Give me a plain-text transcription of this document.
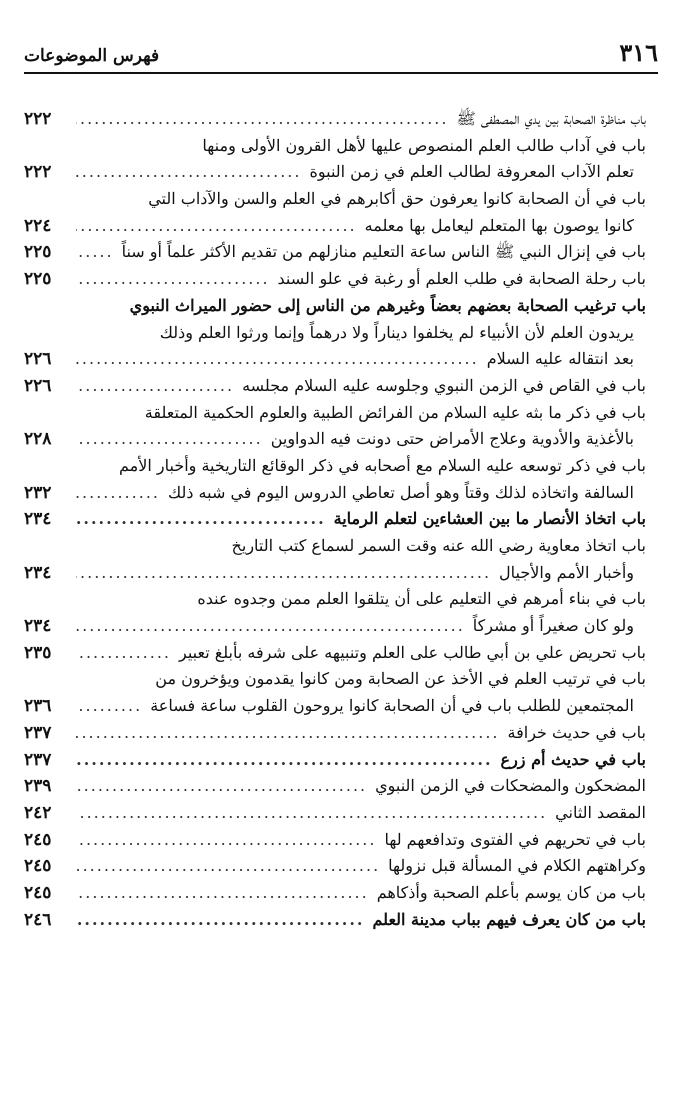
٣١٦
فهرس الموضوعات
باب مناظرة الصحابة بين يدي المصطفى ﷺ
.....
٢٢٢
باب في آداب طالب العلم المنصوص عليها لأهل القرون الأولى ومنها
تعلم الآداب المعروفة لطالب العلم في زمن النبوة
.....
٢٢٢
باب في أن الصحابة كانوا يعرفون حق أكابرهم في العلم والسن والآداب التي
كانوا يوصون بها المتعلم ليعامل بها معلمه
.....
٢٢٤
باب في إنزال النبي ﷺ الناس ساعة التعليم منازلهم من تقديم الأكثر علماً أو سناً
.....
٢٢٥
باب رحلة الصحابة في طلب العلم أو رغبة في علو السند
.....
٢٢٥
باب ترغيب الصحابة بعضهم بعضاً وغيرهم من الناس إلى حضور الميراث النبوي
يريدون العلم لأن الأنبياء لم يخلفوا ديناراً ولا درهماً وإنما ورثوا العلم وذلك
بعد انتقاله عليه السلام
.....
٢٢٦
باب في القاص في الزمن النبوي وجلوسه عليه السلام مجلسه
.....
٢٢٦
باب في ذكر ما بثه عليه السلام من الفرائض الطبية والعلوم الحكمية المتعلقة
بالأغذية والأدوية وعلاج الأمراض حتى دونت فيه الدواوين
.....
٢٢٨
باب في ذكر توسعه عليه السلام مع أصحابه في ذكر الوقائع التاريخية وأخبار الأمم
السالفة واتخاذه لذلك وقتاً وهو أصل تعاطي الدروس اليوم في شبه ذلك
.....
٢٣٢
باب اتخاذ الأنصار ما بين العشاءين لتعلم الرماية
.....
٢٣٤
باب اتخاذ معاوية رضي الله عنه وقت السمر لسماع كتب التاريخ
وأخبار الأمم والأجيال
.....
٢٣٤
باب في بناء أمرهم في التعليم على أن يتلقوا العلم ممن وجدوه عنده
ولو كان صغيراً أو مشركاً
.....
٢٣٤
باب تحريض علي بن أبي طالب على العلم وتنبيهه على شرفه بأبلغ تعبير
.....
٢٣٥
باب في ترتيب العلم في الأخذ عن الصحابة ومن كانوا يقدمون ويؤخرون من
المجتمعين للطلب باب في أن الصحابة كانوا يروحون القلوب ساعة فساعة
.....
٢٣٦
باب في حديث خرافة
.....
٢٣٧
باب في حديث أم زرع
.....
٢٣٧
المضحكون والمضحكات في الزمن النبوي
.....
٢٣٩
المقصد الثاني
.....
٢٤٢
باب في تحريهم في الفتوى وتدافعهم لها
.....
٢٤٥
وكراهتهم الكلام في المسألة قبل نزولها
.....
٢٤٥
باب من كان يوسم بأعلم الصحبة وأذكاهم
.....
٢٤٥
باب من كان يعرف فيهم بباب مدينة العلم
.....
٢٤٦
